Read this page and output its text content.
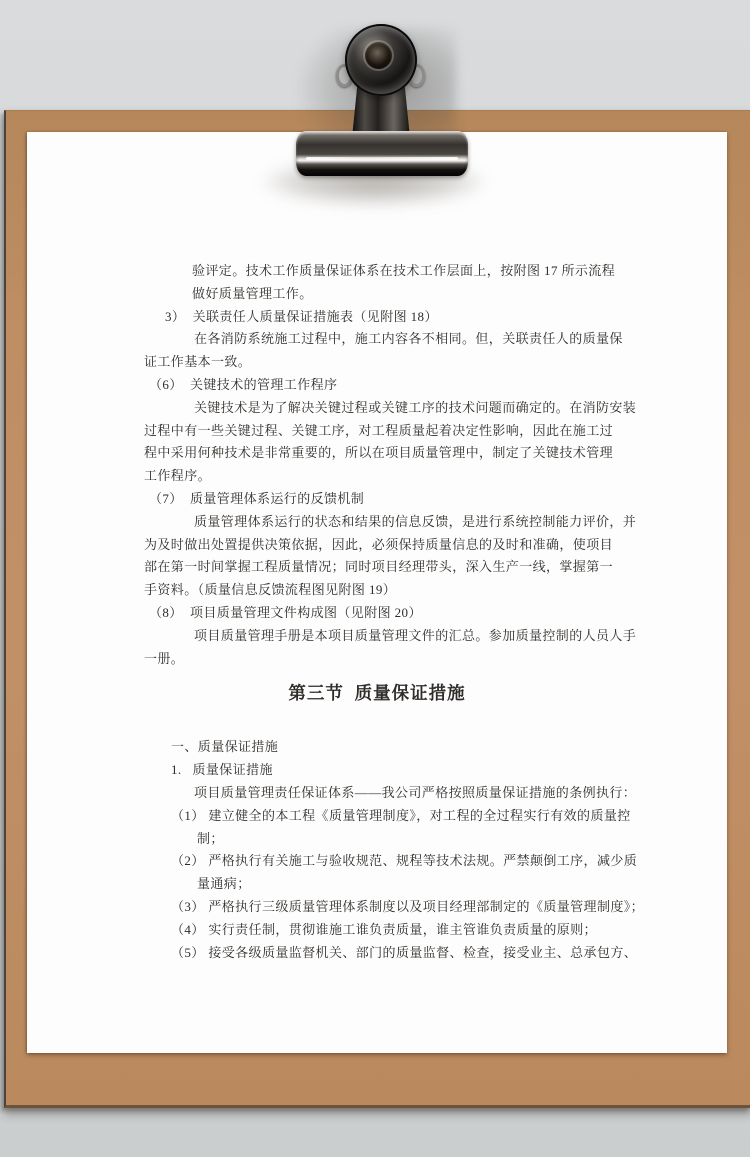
验评定。技术工作质量保证体系在技术工作层面上，按附图 17 所示流程
做好质量管理工作。
3）  关联责任人质量保证措施表（见附图 18）
在各消防系统施工过程中，施工内容各不相同。但，关联责任人的质量保
证工作基本一致。
（6）  关键技术的管理工作程序
关键技术是为了解决关键过程或关键工序的技术问题而确定的。在消防安装
过程中有一些关键过程、关键工序，对工程质量起着决定性影响，因此在施工过
程中采用何种技术是非常重要的，所以在项目质量管理中，制定了关键技术管理
工作程序。
（7）  质量管理体系运行的反馈机制
质量管理体系运行的状态和结果的信息反馈，是进行系统控制能力评价，并
为及时做出处置提供决策依据，因此，必须保持质量信息的及时和准确，使项目
部在第一时间掌握工程质量情况；同时项目经理带头，深入生产一线，掌握第一
手资料。（质量信息反馈流程图见附图 19）
（8）  项目质量管理文件构成图（见附图 20）
项目质量管理手册是本项目质量管理文件的汇总。参加质量控制的人员人手
一册。
第三节  质量保证措施
一、质量保证措施
1.   质量保证措施
项目质量管理责任保证体系——我公司严格按照质量保证措施的条例执行：
（1） 建立健全的本工程《质量管理制度》，对工程的全过程实行有效的质量控
制；
（2） 严格执行有关施工与验收规范、规程等技术法规。严禁颠倒工序，减少质
量通病；
（3） 严格执行三级质量管理体系制度以及项目经理部制定的《质量管理制度》；
（4） 实行责任制，贯彻谁施工谁负责质量，谁主管谁负责质量的原则；
（5） 接受各级质量监督机关、部门的质量监督、检查，接受业主、总承包方、
